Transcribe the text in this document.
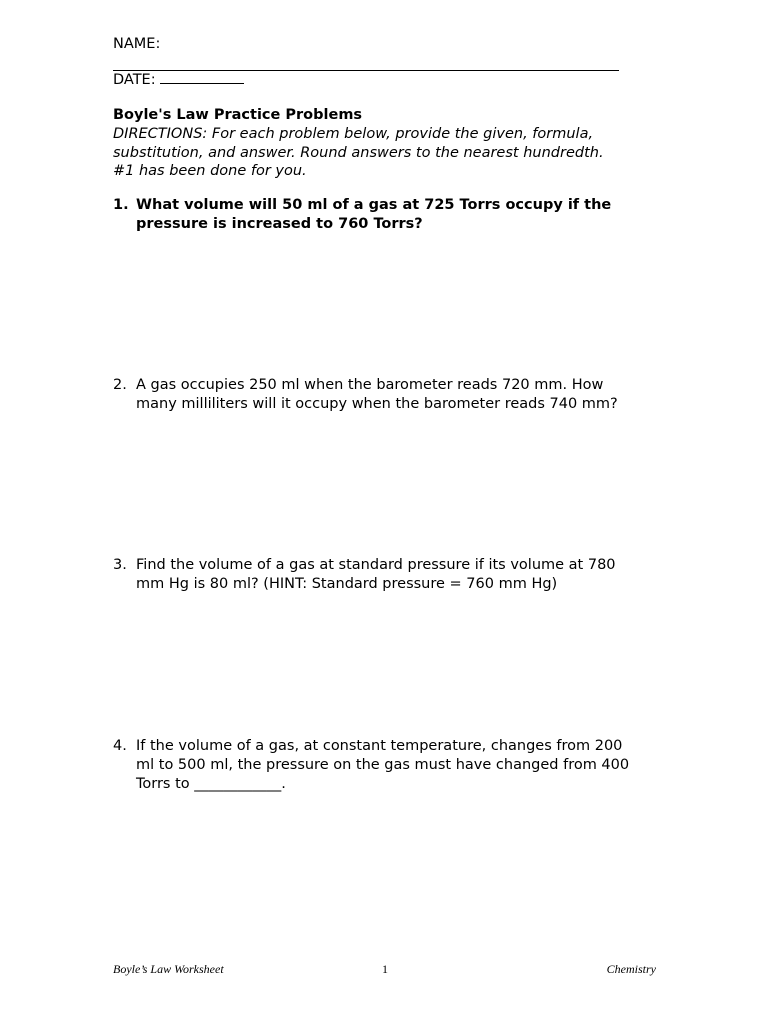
NAME:
DATE:
Boyle's Law Practice Problems
DIRECTIONS: For each problem below, provide the given, formula,
substitution, and answer. Round answers to the nearest hundredth.
#1 has been done for you.
1. What volume will 50 ml of a gas at 725 Torrs occupy if the
pressure is increased to 760 Torrs?
2. A gas occupies 250 ml when the barometer reads 720 mm. How
many milliliters will it occupy when the barometer reads 740 mm?
3. Find the volume of a gas at standard pressure if its volume at 780
mm Hg is 80 ml? (HINT: Standard pressure = 760 mm Hg)
4. If the volume of a gas, at constant temperature, changes from 200
ml to 500 ml, the pressure on the gas must have changed from 400
Torrs to ____________.
Boyle’s Law Worksheet	1	Chemistry
